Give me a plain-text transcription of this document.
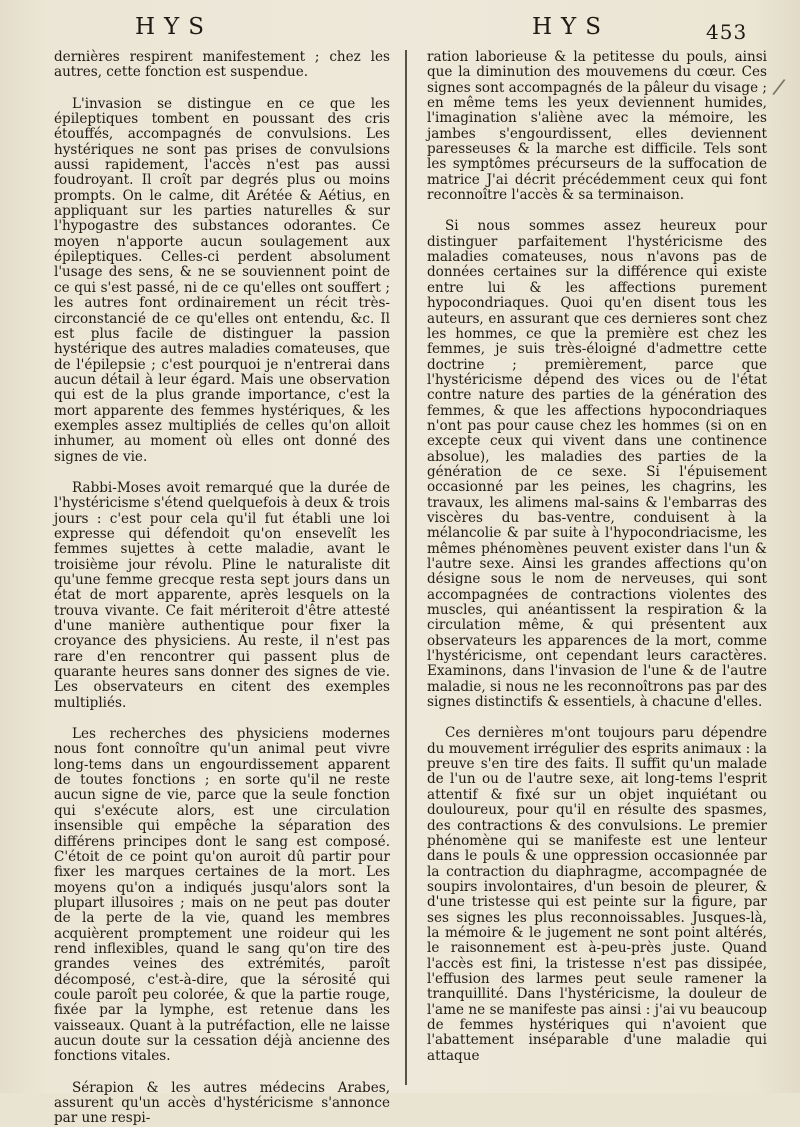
HYS	HYS	453
/

dernières respirent manifestement ; chez les autres, cette fonction est suspendue.

L'invasion se distingue en ce que les épileptiques tombent en poussant des cris étouffés, accompagnés de convulsions. Les hystériques ne sont pas prises de convulsions aussi rapidement, l'accès n'est pas aussi foudroyant. Il croît par degrés plus ou moins prompts. On le calme, dit Arétée & Aétius, en appliquant sur les parties naturelles & sur l'hypogastre des substances odorantes. Ce moyen n'apporte aucun soulagement aux épileptiques. Celles-ci perdent absolument l'usage des sens, & ne se souviennent point de ce qui s'est passé, ni de ce qu'elles ont souffert ; les autres font ordinairement un récit très-circonstancié de ce qu'elles ont entendu, &c. Il est plus facile de distinguer la passion hystérique des autres maladies comateuses, que de l'épilepsie ; c'est pourquoi je n'entrerai dans aucun détail à leur égard. Mais une observation qui est de la plus grande importance, c'est la mort apparente des femmes hystériques, & les exemples assez multipliés de celles qu'on alloit inhumer, au moment où elles ont donné des signes de vie.

Rabbi-Moses avoit remarqué que la durée de l'hystéricisme s'étend quelquefois à deux & trois jours : c'est pour cela qu'il fut établi une loi expresse qui défendoit qu'on ensevelît les femmes sujettes à cette maladie, avant le troisième jour révolu. Pline le naturaliste dit qu'une femme grecque resta sept jours dans un état de mort apparente, après lesquels on la trouva vivante. Ce fait mériteroit d'être attesté d'une manière authentique pour fixer la croyance des physiciens. Au reste, il n'est pas rare d'en rencontrer qui passent plus de quarante heures sans donner des signes de vie. Les observateurs en citent des exemples multipliés.

Les recherches des physiciens modernes nous font connoître qu'un animal peut vivre long-tems dans un engourdissement apparent de toutes fonctions ; en sorte qu'il ne reste aucun signe de vie, parce que la seule fonction qui s'exécute alors, est une circulation insensible qui empêche la séparation des différens principes dont le sang est composé. C'étoit de ce point qu'on auroit dû partir pour fixer les marques certaines de la mort. Les moyens qu'on a indiqués jusqu'alors sont la plupart illusoires ; mais on ne peut pas douter de la perte de la vie, quand les membres acquièrent promptement une roideur qui les rend inflexibles, quand le sang qu'on tire des grandes veines des extrémités, paroît décomposé, c'est-à-dire, que la sérosité qui coule paroît peu colorée, & que la partie rouge, fixée par la lymphe, est retenue dans les vaisseaux. Quant à la putréfaction, elle ne laisse aucun doute sur la cessation déjà ancienne des fonctions vitales.

Sérapion & les autres médecins Arabes, assurent qu'un accès d'hystéricisme s'annonce par une respi-

ration laborieuse & la petitesse du pouls, ainsi que la diminution des mouvemens du cœur. Ces signes sont accompagnés de la pâleur du visage ; en même tems les yeux deviennent humides, l'imagination s'aliène avec la mémoire, les jambes s'engourdissent, elles deviennent paresseuses & la marche est difficile. Tels sont les symptômes précurseurs de la suffocation de matrice J'ai décrit précédemment ceux qui font reconnoître l'accès & sa terminaison.

Si nous sommes assez heureux pour distinguer parfaitement l'hystéricisme des maladies comateuses, nous n'avons pas de données certaines sur la différence qui existe entre lui & les affections purement hypocondriaques. Quoi qu'en disent tous les auteurs, en assurant que ces dernieres sont chez les hommes, ce que la première est chez les femmes, je suis très-éloigné d'admettre cette doctrine ; premièrement, parce que l'hystéricisme dépend des vices ou de l'état contre nature des parties de la génération des femmes, & que les affections hypocondriaques n'ont pas pour cause chez les hommes (si on en excepte ceux qui vivent dans une continence absolue), les maladies des parties de la génération de ce sexe. Si l'épuisement occasionné par les peines, les chagrins, les travaux, les alimens mal-sains & l'embarras des viscères du bas-ventre, conduisent à la mélancolie & par suite à l'hypocondriacisme, les mêmes phénomènes peuvent exister dans l'un & l'autre sexe. Ainsi les grandes affections qu'on désigne sous le nom de nerveuses, qui sont accompagnées de contractions violentes des muscles, qui anéantissent la respiration & la circulation même, & qui présentent aux observateurs les apparences de la mort, comme l'hystéricisme, ont cependant leurs caractères. Examinons, dans l'invasion de l'une & de l'autre maladie, si nous ne les reconnoîtrons pas par des signes distinctifs & essentiels, à chacune d'elles.

Ces dernières m'ont toujours paru dépendre du mouvement irrégulier des esprits animaux : la preuve s'en tire des faits. Il suffit qu'un malade de l'un ou de l'autre sexe, ait long-tems l'esprit attentif & fixé sur un objet inquiétant ou douloureux, pour qu'il en résulte des spasmes, des contractions & des convulsions. Le premier phénomène qui se manifeste est une lenteur dans le pouls & une oppression occasionnée par la contraction du diaphragme, accompagnée de soupirs involontaires, d'un besoin de pleurer, & d'une tristesse qui est peinte sur la figure, par ses signes les plus reconnoissables. Jusques-là, la mémoire & le jugement ne sont point altérés, le raisonnement est à-peu-près juste. Quand l'accès est fini, la tristesse n'est pas dissipée, l'effusion des larmes peut seule ramener la tranquillité. Dans l'hystéricisme, la douleur de l'ame ne se manifeste pas ainsi : j'ai vu beaucoup de femmes hystériques qui n'avoient que l'abattement inséparable d'une maladie qui attaque
